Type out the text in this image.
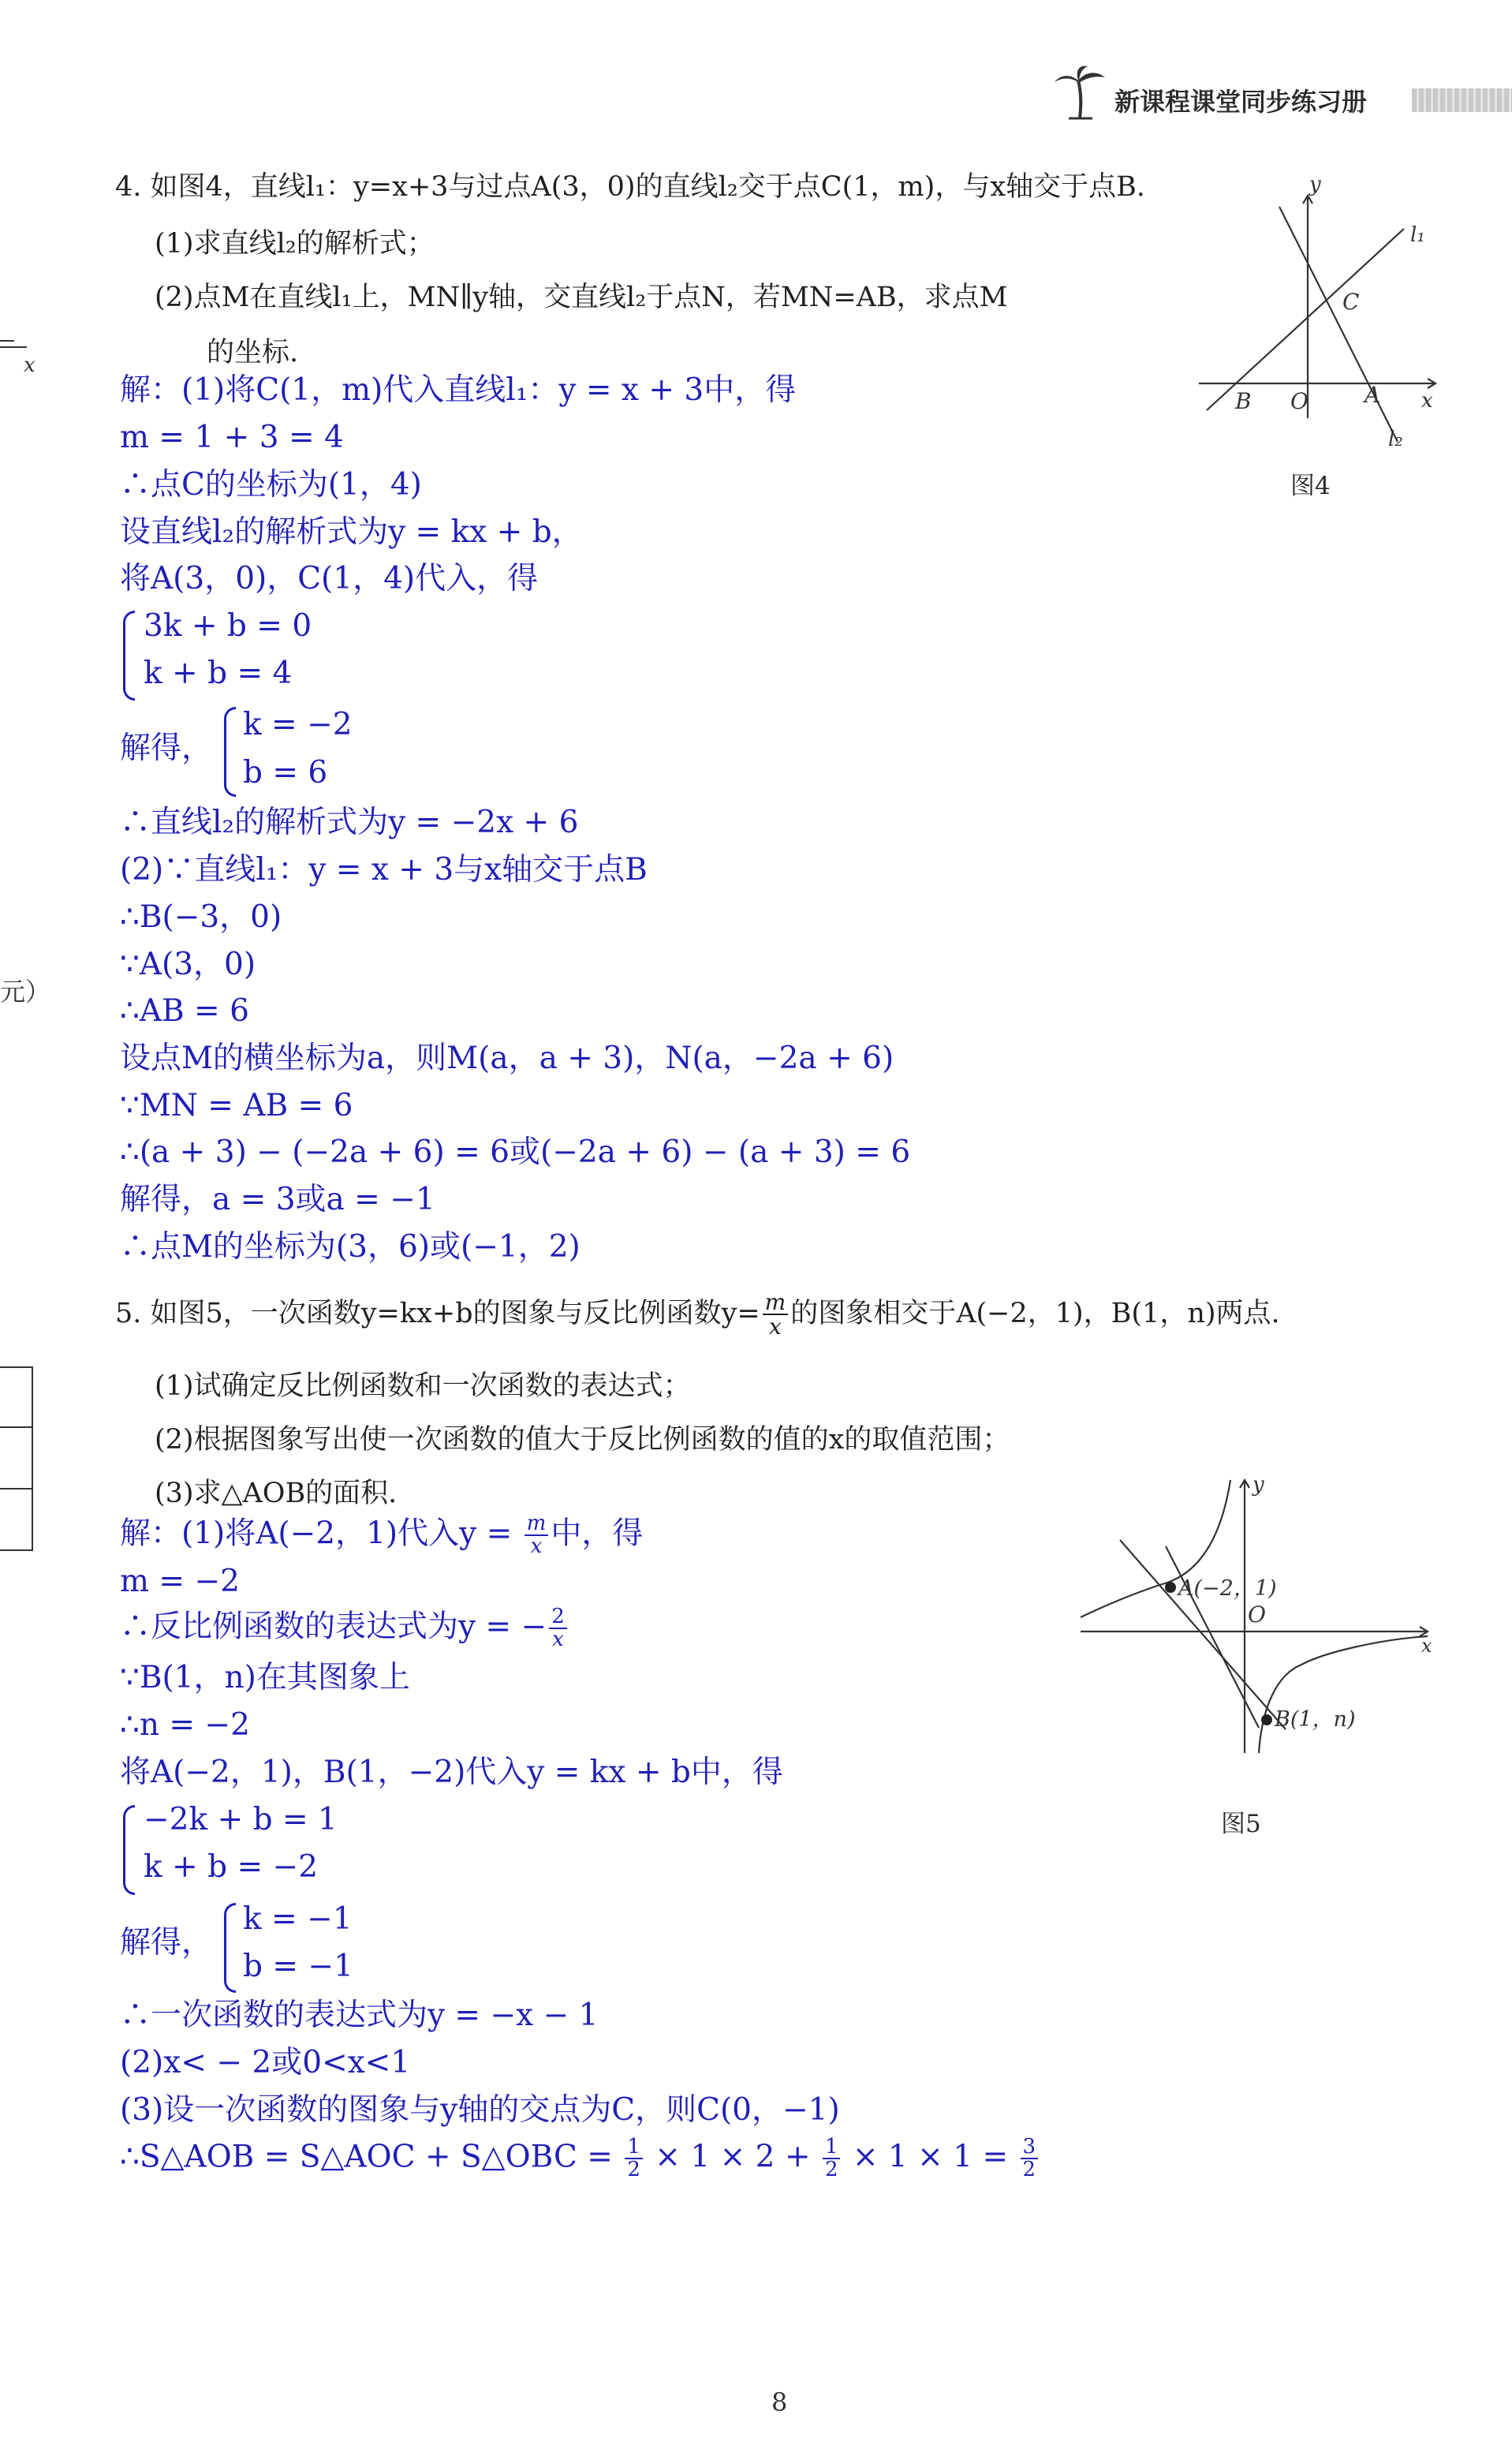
新课程课堂同步练习册
x
元）
4. 如图4，直线l₁：y=x+3与过点A(3，0)的直线l₂交于点C(1，m)，与x轴交于点B.
(1)求直线l₂的解析式；
(2)点M在直线l₁上，MN∥y轴，交直线l₂于点N，若MN=AB，求点M
的坐标.
y
x
l₁
l₂
C
B O	A
图4
解：(1)将C(1，m)代入直线l₁：y = x + 3中，得
m = 1 + 3 = 4
∴点C的坐标为(1，4)
设直线l₂的解析式为y = kx + b，
将A(3，0)，C(1，4)代入，得
3k + b = 0
k + b = 4
解得，
k = −2
b = 6
∴直线l₂的解析式为y = −2x + 6
(2)∵直线l₁：y = x + 3与x轴交于点B
∴B(−3，0)
∵A(3，0)
∴AB = 6
设点M的横坐标为a，则M(a，a + 3)，N(a，−2a + 6)
∵MN = AB = 6
∴(a + 3) − (−2a + 6) = 6或(−2a + 6) − (a + 3) = 6
解得，a = 3或a = −1
∴点M的坐标为(3，6)或(−1，2)
5. 如图5，一次函数y=kx+b的图象与反比例函数$y= \frac{m}{x}$ 的图象相交于A(−2，1)，B(1，n)两点.
(1)试确定反比例函数和一次函数的表达式；
(2)根据图象写出使一次函数的值大于反比例函数的值的x的取值范围；
(3)求△AOB的面积.	y
x
O
A(−2，1)
B(1，n)
图5
解：(1)将A(−2，1)代入$y = \frac{m}{x}$ 中，得
m = −2
∴反比例函数的表达式为y = − $\frac{2}{x}$
∵B(1，n)在其图象上
∴n = −2
将A(−2，1)，B(1，−2)代入y = kx + b中，得
−2k + b = 1
k + b = −2
解得，
k = −1
b = −1
∴一次函数的表达式为y = −x − 1
(2)x< − 2或0<x<1
(3)设一次函数的图象与y轴的交点为C，则C(0，−1)
∴S△AOB = S△AOC + S△OBC = $\frac{1}{2} \times 1 \times 2 + \frac{1}{2} \times 1 \times 1 = \frac{3}{2}$
8
